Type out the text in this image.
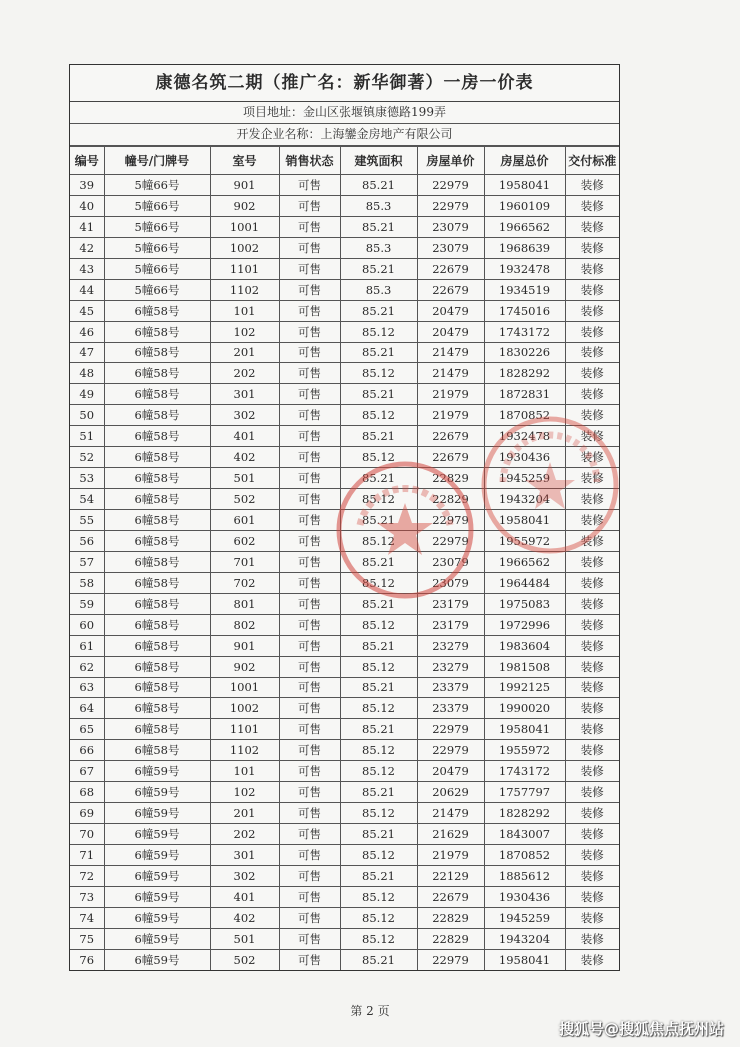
康德名筑二期（推广名：新华御著）一房一价表
项目地址：金山区张堰镇康德路199弄
开发企业名称：上海鑾金房地产有限公司
编号	幢号/门牌号	室号	销售状态	建筑面积	房屋单价	房屋总价	交付标准
39	5幢66号	901	可售	85.21	22979	1958041	装修
40	5幢66号	902	可售	85.3	22979	1960109	装修
41	5幢66号	1001	可售	85.21	23079	1966562	装修
42	5幢66号	1002	可售	85.3	23079	1968639	装修
43	5幢66号	1101	可售	85.21	22679	1932478	装修
44	5幢66号	1102	可售	85.3	22679	1934519	装修
45	6幢58号	101	可售	85.21	20479	1745016	装修
46	6幢58号	102	可售	85.12	20479	1743172	装修
47	6幢58号	201	可售	85.21	21479	1830226	装修
48	6幢58号	202	可售	85.12	21479	1828292	装修
49	6幢58号	301	可售	85.21	21979	1872831	装修
50	6幢58号	302	可售	85.12	21979	1870852	装修
51	6幢58号	401	可售	85.21	22679	1932478	装修
52	6幢58号	402	可售	85.12	22679	1930436	装修
53	6幢58号	501	可售	85.21	22829	1945259	装修
54	6幢58号	502	可售	85.12	22829	1943204	装修
55	6幢58号	601	可售	85.21	22979	1958041	装修
56	6幢58号	602	可售	85.12	22979	1955972	装修
57	6幢58号	701	可售	85.21	23079	1966562	装修
58	6幢58号	702	可售	85.12	23079	1964484	装修
59	6幢58号	801	可售	85.21	23179	1975083	装修
60	6幢58号	802	可售	85.12	23179	1972996	装修
61	6幢58号	901	可售	85.21	23279	1983604	装修
62	6幢58号	902	可售	85.12	23279	1981508	装修
63	6幢58号	1001	可售	85.21	23379	1992125	装修
64	6幢58号	1002	可售	85.12	23379	1990020	装修
65	6幢58号	1101	可售	85.21	22979	1958041	装修
66	6幢58号	1102	可售	85.12	22979	1955972	装修
67	6幢59号	101	可售	85.12	20479	1743172	装修
68	6幢59号	102	可售	85.21	20629	1757797	装修
69	6幢59号	201	可售	85.12	21479	1828292	装修
70	6幢59号	202	可售	85.21	21629	1843007	装修
71	6幢59号	301	可售	85.12	21979	1870852	装修
72	6幢59号	302	可售	85.21	22129	1885612	装修
73	6幢59号	401	可售	85.12	22679	1930436	装修
74	6幢59号	402	可售	85.12	22829	1945259	装修
75	6幢59号	501	可售	85.12	22829	1943204	装修
76	6幢59号	502	可售	85.21	22979	1958041	装修
第 2 页
搜狐号@搜狐焦点抚州站
